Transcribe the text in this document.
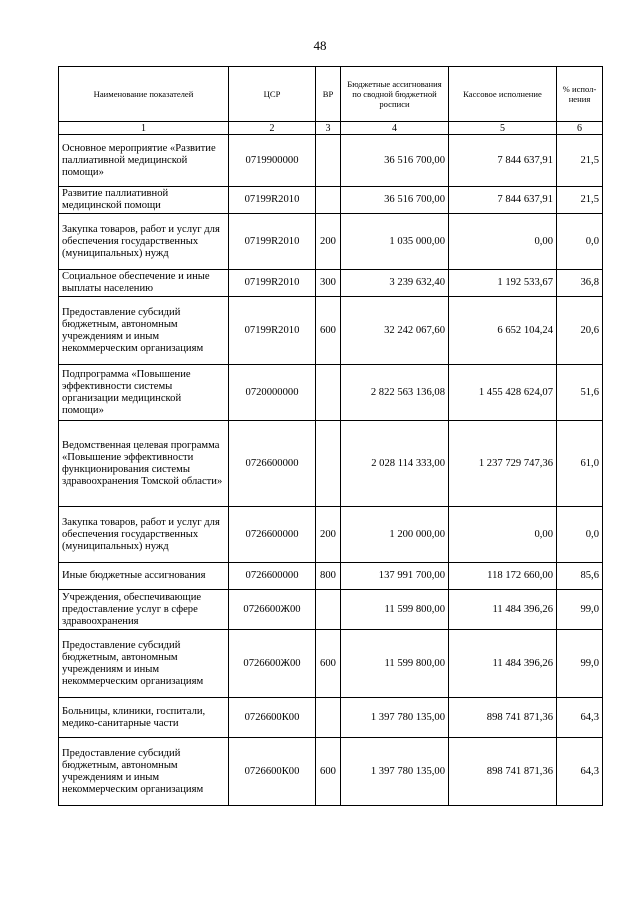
48
Наименование показателей	ЦСР	ВР	Бюджетные ассигнования по сводной бюджетной росписи	Кассовое исполнение	% испол-нения
1	2	3	4	5	6
Основное мероприятие «Развитие паллиативной медицинской помощи»	0719900000		36 516 700,00	7 844 637,91	21,5
Развитие паллиативной медицинской помощи	07199R2010		36 516 700,00	7 844 637,91	21,5
Закупка товаров, работ и услуг для обеспечения государственных (муниципальных) нужд	07199R2010	200	1 035 000,00	0,00	0,0
Социальное обеспечение и иные выплаты населению	07199R2010	300	3 239 632,40	1 192 533,67	36,8
Предоставление субсидий бюджетным, автономным учреждениям и иным некоммерческим организациям	07199R2010	600	32 242 067,60	6 652 104,24	20,6
Подпрограмма «Повышение эффективности системы организации медицинской помощи»	0720000000		2 822 563 136,08	1 455 428 624,07	51,6
Ведомственная целевая программа «Повышение эффективности функционирования системы здравоохранения Томской области»	0726600000		2 028 114 333,00	1 237 729 747,36	61,0
Закупка товаров, работ и услуг для обеспечения государственных (муниципальных) нужд	0726600000	200	1 200 000,00	0,00	0,0
Иные бюджетные ассигнования	0726600000	800	137 991 700,00	118 172 660,00	85,6
Учреждения, обеспечивающие предоставление услуг в сфере здравоохранения	0726600Ж00		11 599 800,00	11 484 396,26	99,0
Предоставление субсидий бюджетным, автономным учреждениям и иным некоммерческим организациям	0726600Ж00	600	11 599 800,00	11 484 396,26	99,0
Больницы, клиники, госпитали, медико-санитарные части	0726600К00		1 397 780 135,00	898 741 871,36	64,3
Предоставление субсидий бюджетным, автономным учреждениям и иным некоммерческим организациям	0726600К00	600	1 397 780 135,00	898 741 871,36	64,3
